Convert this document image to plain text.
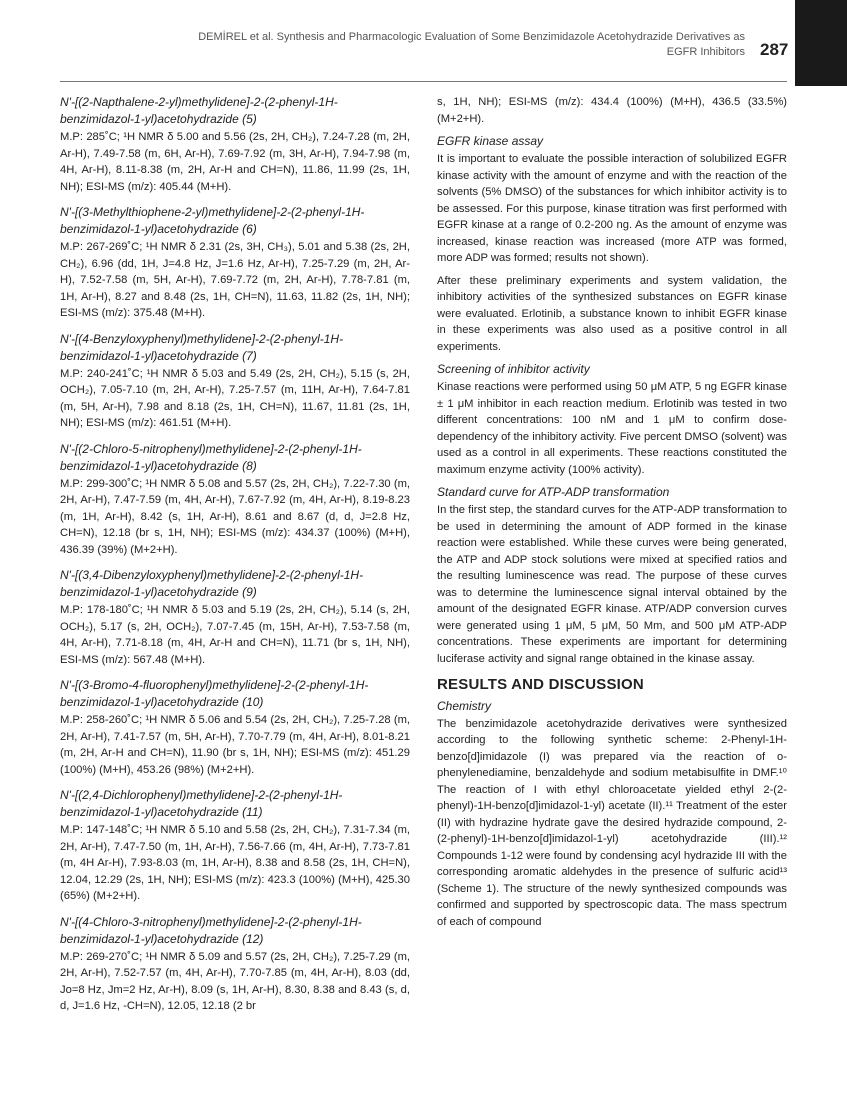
DEMİREL et al. Synthesis and Pharmacologic Evaluation of Some Benzimidazole Acetohydrazide Derivatives as
EGFR Inhibitors 287
N'-[(2-Napthalene-2-yl)methylidene]-2-(2-phenyl-1H-benzimidazol-1-yl)acetohydrazide (5)

M.P: 285˚C; ¹H NMR δ 5.00 and 5.56 (2s, 2H, CH₂), 7.24-7.28 (m, 2H, Ar-H), 7.49-7.58 (m, 6H, Ar-H), 7.69-7.92 (m, 3H, Ar-H), 7.94-7.98 (m, 4H, Ar-H), 8.11-8.38 (m, 2H, Ar-H and CH=N), 11.86, 11.99 (2s, 1H, NH); ESI-MS (m/z): 405.44 (M+H).

N'-[(3-Methylthiophene-2-yl)methylidene]-2-(2-phenyl-1H-benzimidazol-1-yl)acetohydrazide (6)

M.P: 267-269˚C; ¹H NMR δ 2.31 (2s, 3H, CH₃), 5.01 and 5.38 (2s, 2H, CH₂), 6.96 (dd, 1H, J=4.8 Hz, J=1.6 Hz, Ar-H), 7.25-7.29 (m, 2H, Ar-H), 7.52-7.58 (m, 5H, Ar-H), 7.69-7.72 (m, 2H, Ar-H), 7.78-7.81 (m, 1H, Ar-H), 8.27 and 8.48 (2s, 1H, CH=N), 11.63, 11.82 (2s, 1H, NH); ESI-MS (m/z): 375.48 (M+H).

N'-[(4-Benzyloxyphenyl)methylidene]-2-(2-phenyl-1H-benzimidazol-1-yl)acetohydrazide (7)

M.P: 240-241˚C; ¹H NMR δ 5.03 and 5.49 (2s, 2H, CH₂), 5.15 (s, 2H, OCH₂), 7.05-7.10 (m, 2H, Ar-H), 7.25-7.57 (m, 11H, Ar-H), 7.64-7.81 (m, 5H, Ar-H), 7.98 and 8.18 (2s, 1H, CH=N), 11.67, 11.81 (2s, 1H, NH); ESI-MS (m/z): 461.51 (M+H).

N'-[(2-Chloro-5-nitrophenyl)methylidene]-2-(2-phenyl-1H-benzimidazol-1-yl)acetohydrazide (8)

M.P: 299-300˚C; ¹H NMR δ 5.08 and 5.57 (2s, 2H, CH₂), 7.22-7.30 (m, 2H, Ar-H), 7.47-7.59 (m, 4H, Ar-H), 7.67-7.92 (m, 4H, Ar-H), 8.19-8.23 (m, 1H, Ar-H), 8.42 (s, 1H, Ar-H), 8.61 and 8.67 (d, d, J=2.8 Hz, CH=N), 12.18 (br s, 1H, NH); ESI-MS (m/z): 434.37 (100%) (M+H), 436.39 (39%) (M+2+H).

N'-[(3,4-Dibenzyloxyphenyl)methylidene]-2-(2-phenyl-1H-benzimidazol-1-yl)acetohydrazide (9)

M.P: 178-180˚C; ¹H NMR δ 5.03 and 5.19 (2s, 2H, CH₂), 5.14 (s, 2H, OCH₂), 5.17 (s, 2H, OCH₂), 7.07-7.45 (m, 15H, Ar-H), 7.53-7.58 (m, 4H, Ar-H), 7.71-8.18 (m, 4H, Ar-H and CH=N), 11.71 (br s, 1H, NH), ESI-MS (m/z): 567.48 (M+H).

N'-[(3-Bromo-4-fluorophenyl)methylidene]-2-(2-phenyl-1H-benzimidazol-1-yl)acetohydrazide (10)

M.P: 258-260˚C; ¹H NMR δ 5.06 and 5.54 (2s, 2H, CH₂), 7.25-7.28 (m, 2H, Ar-H), 7.41-7.57 (m, 5H, Ar-H), 7.70-7.79 (m, 4H, Ar-H), 8.01-8.21 (m, 2H, Ar-H and CH=N), 11.90 (br s, 1H, NH); ESI-MS (m/z): 451.29 (100%) (M+H), 453.26 (98%) (M+2+H).

N'-[(2,4-Dichlorophenyl)methylidene]-2-(2-phenyl-1H-benzimidazol-1-yl)acetohydrazide (11)

M.P: 147-148˚C; ¹H NMR δ 5.10 and 5.58 (2s, 2H, CH₂), 7.31-7.34 (m, 2H, Ar-H), 7.47-7.50 (m, 1H, Ar-H), 7.56-7.66 (m, 4H, Ar-H), 7.73-7.81 (m, 4H Ar-H), 7.93-8.03 (m, 1H, Ar-H), 8.38 and 8.58 (2s, 1H, CH=N), 12.04, 12.29 (2s, 1H, NH); ESI-MS (m/z): 423.3 (100%) (M+H), 425.30 (65%) (M+2+H).

N'-[(4-Chloro-3-nitrophenyl)methylidene]-2-(2-phenyl-1H-benzimidazol-1-yl)acetohydrazide (12)

M.P: 269-270˚C; ¹H NMR δ 5.09 and 5.57 (2s, 2H, CH₂), 7.25-7.29 (m, 2H, Ar-H), 7.52-7.57 (m, 4H, Ar-H), 7.70-7.85 (m, 4H, Ar-H), 8.03 (dd, Jo=8 Hz, Jm=2 Hz, Ar-H), 8.09 (s, 1H, Ar-H), 8.30, 8.38 and 8.43 (s, d, d, J=1.6 Hz, -CH=N), 12.05, 12.18 (2 br

s, 1H, NH); ESI-MS (m/z): 434.4 (100%) (M+H), 436.5 (33.5%) (M+2+H).

EGFR kinase assay

It is important to evaluate the possible interaction of solubilized EGFR kinase activity with the amount of enzyme and with the reaction of the solvents (5% DMSO) of the substances for which inhibitor activity is to be assessed. For this purpose, kinase titration was first performed with EGFR kinase at a range of 0.2-200 ng. As the amount of enzyme was increased, kinase reaction was increased (more ATP was formed, more ADP was formed; results not shown).

After these preliminary experiments and system validation, the inhibitory activities of the synthesized substances on EGFR kinase were evaluated. Erlotinib, a substance known to inhibit EGFR kinase in these experiments was also used as a positive control in all experiments.

Screening of inhibitor activity

Kinase reactions were performed using 50 μM ATP, 5 ng EGFR kinase ± 1 μM inhibitor in each reaction medium. Erlotinib was tested in two different concentrations: 100 nM and 1 μM to confirm dose-dependency of the inhibitory activity. Five percent DMSO (solvent) was used as a control in all experiments. These reactions constituted the maximum enzyme activity (100% activity).

Standard curve for ATP-ADP transformation

In the first step, the standard curves for the ATP-ADP transformation to be used in determining the amount of ADP formed in the kinase reaction were established. While these curves were being generated, the ATP and ADP stock solutions were mixed at specified ratios and the resulting luminescence was read. The purpose of these curves was to determine the luminescence signal interval obtained by the amount of the designated EGFR kinase. ATP/ADP conversion curves were generated using 1 μM, 5 μM, 50 Mm, and 500 μM ATP-ADP concentrations. These experiments are important for determining luciferase activity and signal range obtained in the kinase assay.

RESULTS AND DISCUSSION
Chemistry

The benzimidazole acetohydrazide derivatives were synthesized according to the following synthetic scheme: 2-Phenyl-1H-benzo[d]imidazole (I) was prepared via the reaction of o-phenylenediamine, benzaldehyde and sodium metabisulfite in DMF.¹⁰ The reaction of I with ethyl chloroacetate yielded ethyl 2-(2-phenyl)-1H-benzo[d]imidazol-1-yl) acetate (II).¹¹ Treatment of the ester (II) with hydrazine hydrate gave the desired hydrazide compound, 2-(2-phenyl)-1H-benzo[d]imidazol-1-yl) acetohydrazide (III).¹² Compounds 1-12 were found by condensing acyl hydrazide III with the corresponding aromatic aldehydes in the presence of sulfuric acid¹³ (Scheme 1). The structure of the newly synthesized compounds was confirmed and supported by spectroscopic data. The mass spectrum of each of compound
